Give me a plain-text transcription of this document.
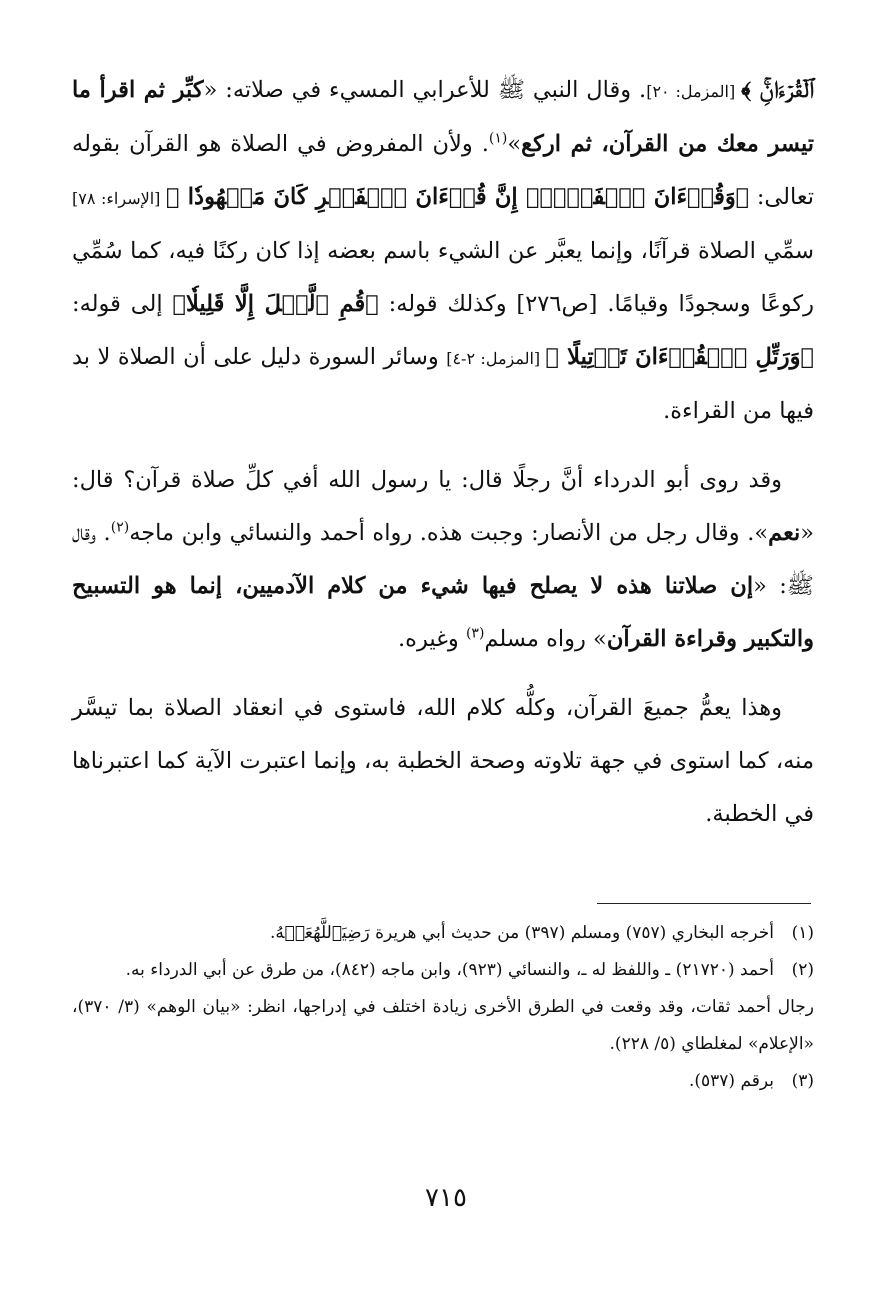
ﭐلۡقُرۡءَانِۚ ﴾ [المزمل: ٢٠]. وقال النبي ﷺ للأعرابي المسيء في صلاته: «كبِّر ثم اقرأ ما تيسر معك من القرآن، ثم اركع»$^{(١)}$. ولأن المفروض في الصلاة هو القرآن بقوله تعالى: ﴿وَقُرۡءَانَ ٱلۡفَجۡرِۖ إِنَّ قُرۡءَانَ ٱلۡفَجۡرِ كَانَ مَشۡهُودٗا ﴾ [الإسراء: ٧٨] سمِّي الصلاة قرآنًا، وإنما يعبَّر عن الشيء باسم بعضه إذا كان ركنًا فيه، كما سُمِّي ركوعًا وسجودًا وقيامًا. [ص٢٧٦] وكذلك قوله: ﴿قُمِ ٱلَّيۡلَ إِلَّا قَلِيلٗا﴾ إلى قوله: ﴿وَرَتِّلِ ٱلۡقُرۡءَانَ تَرۡتِيلًا ﴾ [المزمل: ٢-٤] وسائر السورة دليل على أن الصلاة لا بد فيها من القراءة.

وقد روى أبو الدرداء أنَّ رجلًا قال: يا رسول الله أفي كلِّ صلاة قرآن؟ قال: «نعم». وقال رجل من الأنصار: وجبت هذه. رواه أحمد والنسائي وابن ماجه$^{(٢)}$. وقال ﷺ: «إن صلاتنا هذه لا يصلح فيها شيء من كلام الآدميين، إنما هو التسبيح والتكبير وقراءة القرآن» رواه مسلم$^{(٣)}$ وغيره.

وهذا يعمُّ جميعَ القرآن، وكلُّه كلام الله، فاستوى في انعقاد الصلاة بما تيسَّر منه، كما استوى في جهة تلاوته وصحة الخطبة به، وإنما اعتبرت الآية كما اعتبرناها في الخطبة.

(١)
أخرجه البخاري (٧٥٧) ومسلم (٣٩٧) من حديث أبي هريرة رَضِيَٱللَّهُعَنۡهُ.

(٢)
أحمد (٢١٧٢٠) ـ واللفظ له ـ، والنسائي (٩٢٣)، وابن ماجه (٨٤٢)، من طرق عن أبي الدرداء به.

رجال أحمد ثقات، وقد وقعت في الطرق الأخرى زيادة اختلف في إدراجها، انظر: «بيان الوهم» (٣/ ٣٧٠)، «الإعلام» لمغلطاي (٥/ ٢٢٨).

(٣)
برقم (٥٣٧).

٧١٥
